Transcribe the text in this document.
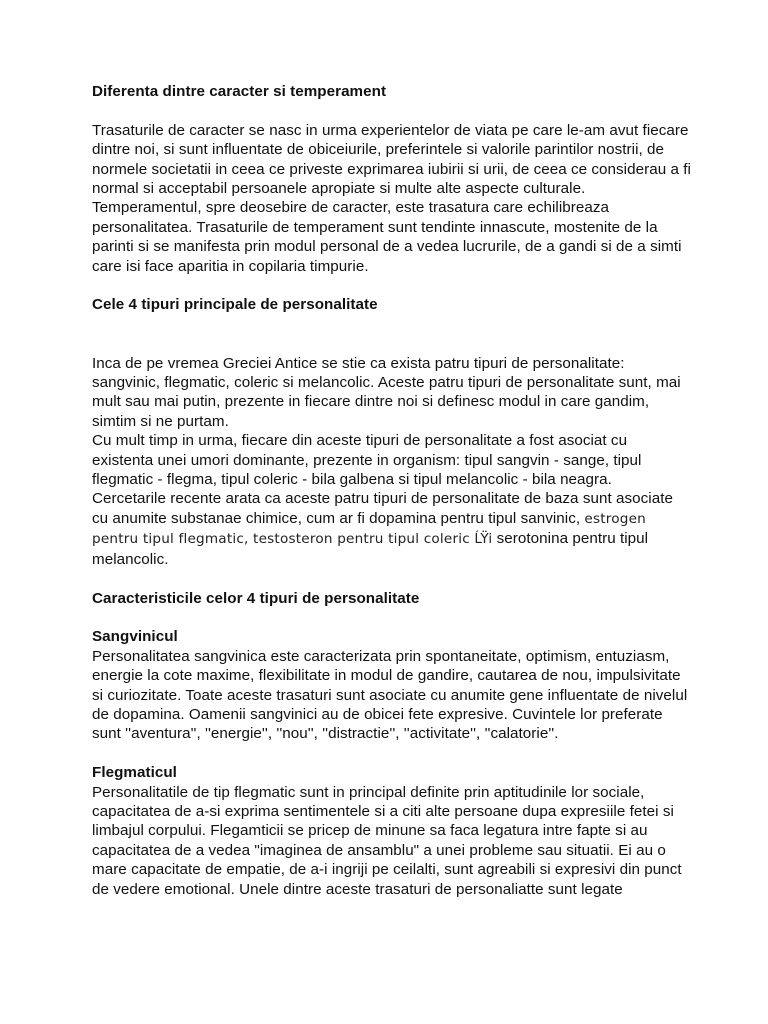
Diferenta dintre caracter si temperament

Trasaturile de caracter se nasc in urma experientelor de viata pe care le-am avut fiecare dintre noi, si sunt influentate de obiceiurile, preferintele si valorile parintilor nostrii, de normele societatii in ceea ce priveste exprimarea iubirii si urii, de ceea ce considerau a fi normal si acceptabil persoanele apropiate si multe alte aspecte culturale.

Temperamentul, spre deosebire de caracter, este trasatura care echilibreaza personalitatea. Trasaturile de temperament sunt tendinte innascute, mostenite de la parinti si se manifesta prin modul personal de a vedea lucrurile, de a gandi si de a simti care isi face aparitia in copilaria timpurie.

Cele 4 tipuri principale de personalitate

Inca de pe vremea Greciei Antice se stie ca exista patru tipuri de personalitate: sangvinic, flegmatic, coleric si melancolic. Aceste patru tipuri de personalitate sunt, mai mult sau mai putin, prezente in fiecare dintre noi si definesc modul in care gandim, simtim si ne purtam.

Cu mult timp in urma, fiecare din aceste tipuri de personalitate a fost asociat cu existenta unei umori dominante, prezente in organism: tipul sangvin - sange, tipul flegmatic - flegma, tipul coleric - bila galbena si tipul melancolic - bila neagra.

Cercetarile recente arata ca aceste patru tipuri de personalitate de baza sunt asociate cu anumite substanae chimice, cum ar fi dopamina pentru tipul sanvinic, estrogen pentru tipul flegmatic, testosteron pentru tipul coleric ĹŸi serotonina pentru tipul melancolic.

Caracteristicile celor 4 tipuri de personalitate

Sangvinicul

Personalitatea sangvinica este caracterizata prin spontaneitate, optimism, entuziasm, energie la cote maxime, flexibilitate in modul de gandire, cautarea de nou, impulsivitate si curiozitate. Toate aceste trasaturi sunt asociate cu anumite gene influentate de nivelul de dopamina. Oamenii sangvinici au de obicei fete expresive. Cuvintele lor preferate sunt ''aventura'', ''energie'', ''nou'', ''distractie'', ''activitate'', ''calatorie''.

Flegmaticul

Personalitatile de tip flegmatic sunt in principal definite prin aptitudinile lor sociale, capacitatea de a-si exprima sentimentele si a citi alte persoane dupa expresiile fetei si limbajul corpului. Flegamticii se pricep de minune sa faca legatura intre fapte si au capacitatea de a vedea "imaginea de ansamblu" a unei probleme sau situatii. Ei au o mare capacitate de empatie, de a-i ingriji pe ceilalti, sunt agreabili si expresivi din punct de vedere emotional. Unele dintre aceste trasaturi de personaliatte sunt legate
